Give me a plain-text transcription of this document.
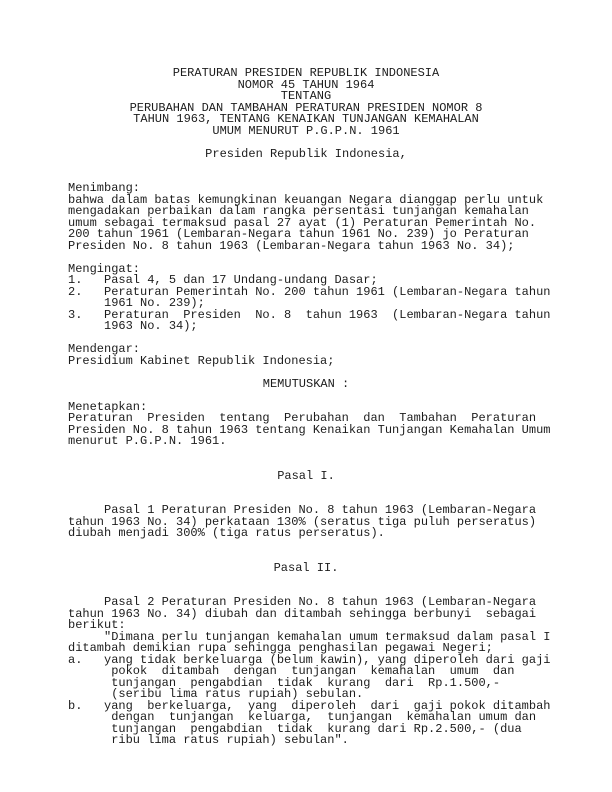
PERATURAN PRESIDEN REPUBLIK INDONESIA
NOMOR 45 TAHUN 1964
TENTANG
PERUBAHAN DAN TAMBAHAN PERATURAN PRESIDEN NOMOR 8
TAHUN 1963, TENTANG KENAIKAN TUNJANGAN KEMAHALAN
UMUM MENURUT P.G.P.N. 1961
Presiden Republik Indonesia,
Menimbang:
bahwa dalam batas kemungkinan keuangan Negara dianggap perlu untuk
mengadakan perbaikan dalam rangka persentasi tunjangan kemahalan
umum sebagai termaksud pasal 27 ayat (1) Peraturan Pemerintah No.
200 tahun 1961 (Lembaran-Negara tahun 1961 No. 239) jo Peraturan
Presiden No. 8 tahun 1963 (Lembaran-Negara tahun 1963 No. 34);
Mengingat:
1.   Pasal 4, 5 dan 17 Undang-undang Dasar;
2.   Peraturan Pemerintah No. 200 tahun 1961 (Lembaran-Negara tahun
1961 No. 239);
3.   Peraturan  Presiden  No. 8  tahun 1963  (Lembaran-Negara tahun
1963 No. 34);
Mendengar:
Presidium Kabinet Republik Indonesia;
MEMUTUSKAN :
Menetapkan:
Peraturan  Presiden  tentang  Perubahan  dan  Tambahan  Peraturan
Presiden No. 8 tahun 1963 tentang Kenaikan Tunjangan Kemahalan Umum
menurut P.G.P.N. 1961.
Pasal I.
Pasal 1 Peraturan Presiden No. 8 tahun 1963 (Lembaran-Negara
tahun 1963 No. 34) perkataan 130% (seratus tiga puluh perseratus)
diubah menjadi 300% (tiga ratus perseratus).
Pasal II.
Pasal 2 Peraturan Presiden No. 8 tahun 1963 (Lembaran-Negara
tahun 1963 No. 34) diubah dan ditambah sehingga berbunyi  sebagai
berikut:
"Dimana perlu tunjangan kemahalan umum termaksud dalam pasal I
ditambah demikian rupa sehingga penghasilan pegawai Negeri;
a.   yang tidak berkeluarga (belum kawin), yang diperoleh dari gaji
pokok  ditambah  dengan  tunjangan  kemahalan  umum  dan
tunjangan  pengabdian  tidak  kurang  dari  Rp.1.500,-
(seribu lima ratus rupiah) sebulan.
b.   yang  berkeluarga,  yang  diperoleh  dari  gaji pokok ditambah
dengan  tunjangan  keluarga,  tunjangan  kemahalan umum dan
tunjangan  pengabdian  tidak  kurang dari Rp.2.500,- (dua
ribu lima ratus rupiah) sebulan".
